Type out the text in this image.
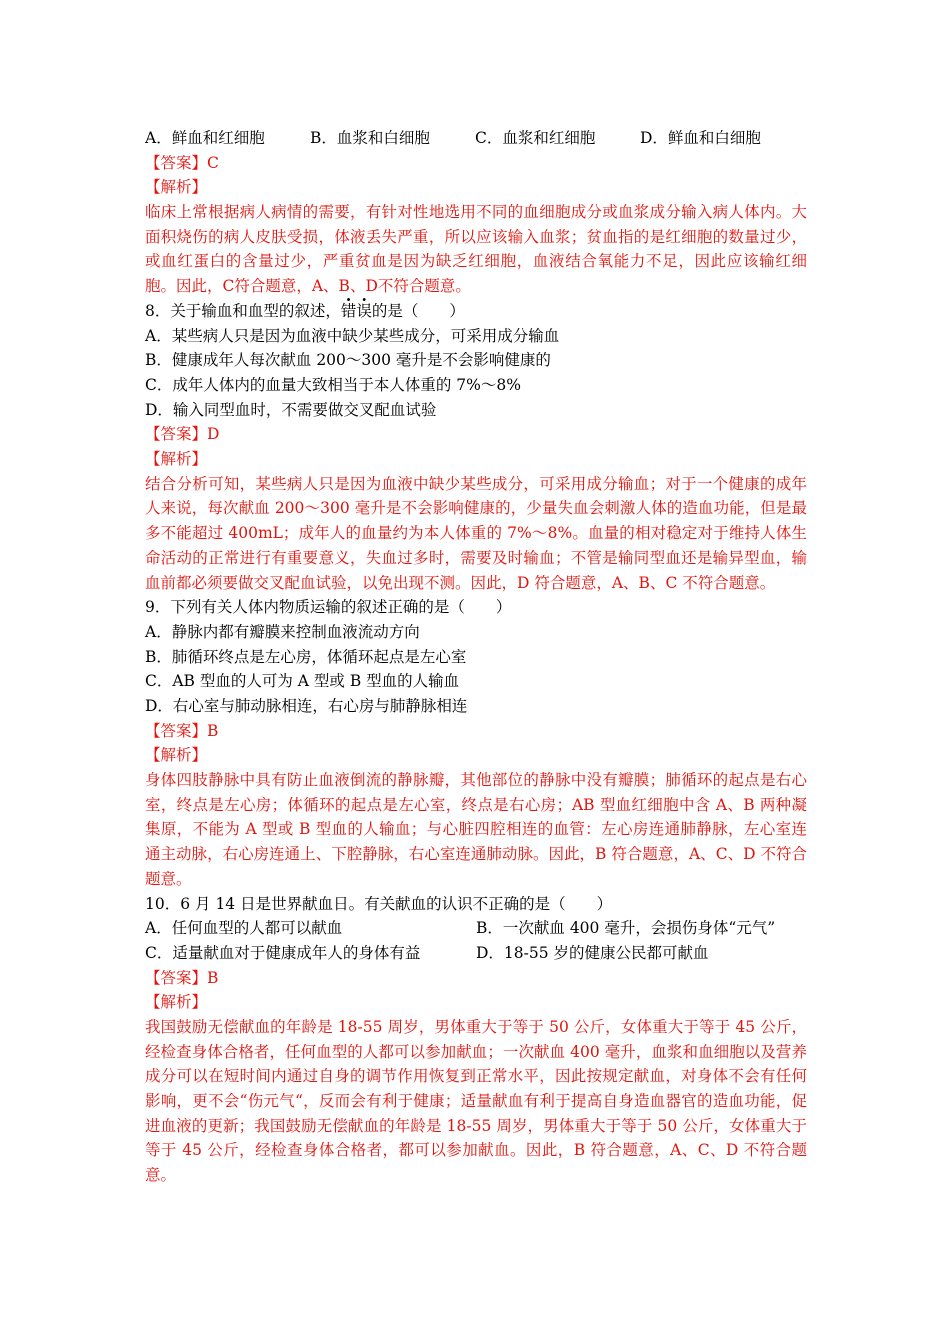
A．鲜血和红细胞	B．血浆和白细胞	C．血浆和红细胞	D．鲜血和白细胞
【答案】C
【解析】
临床上常根据病人病情的需要，有针对性地选用不同的血细胞成分或血浆成分输入病人体内。大面积烧伤的病人皮肤受损，体液丢失严重，所以应该输入血浆；贫血指的是红细胞的数量过少，或血红蛋白的含量过少，严重贫血是因为缺乏红细胞，血液结合氧能力不足，因此应该输红细胞。因此，C符合题意，A、B、D不符合题意。
8．关于输血和血型的叙述，错误的是（　　）
A．某些病人只是因为血液中缺少某些成分，可采用成分输血
B．健康成年人每次献血 200～300 毫升是不会影响健康的
C．成年人体内的血量大致相当于本人体重的 7%～8%
D．输入同型血时，不需要做交叉配血试验
【答案】D
【解析】
结合分析可知，某些病人只是因为血液中缺少某些成分，可采用成分输血；对于一个健康的成年人来说，每次献血 200～300 毫升是不会影响健康的，少量失血会刺激人体的造血功能，但是最多不能超过 400mL；成年人的血量约为本人体重的 7%～8%。血量的相对稳定对于维持人体生命活动的正常进行有重要意义，失血过多时，需要及时输血；不管是输同型血还是输异型血，输血前都必须要做交叉配血试验，以免出现不测。因此，D 符合题意，A、B、C 不符合题意。
9．下列有关人体内物质运输的叙述正确的是（　　）
A．静脉内都有瓣膜来控制血液流动方向
B．肺循环终点是左心房，体循环起点是左心室
C．AB 型血的人可为 A 型或 B 型血的人输血
D．右心室与肺动脉相连，右心房与肺静脉相连
【答案】B
【解析】
身体四肢静脉中具有防止血液倒流的静脉瓣，其他部位的静脉中没有瓣膜；肺循环的起点是右心室，终点是左心房；体循环的起点是左心室，终点是右心房；AB 型血红细胞中含 A、B 两种凝集原，不能为 A 型或 B 型血的人输血；与心脏四腔相连的血管：左心房连通肺静脉，左心室连通主动脉，右心房连通上、下腔静脉，右心室连通肺动脉。因此，B 符合题意，A、C、D 不符合题意。
10．6 月 14 日是世界献血日。有关献血的认识不正确的是（　　）
A．任何血型的人都可以献血	B．一次献血 400 毫升，会损伤身体“元气”
C．适量献血对于健康成年人的身体有益	D．18-55 岁的健康公民都可献血
【答案】B
【解析】
我国鼓励无偿献血的年龄是 18-55 周岁，男体重大于等于 50 公斤，女体重大于等于 45 公斤，经检查身体合格者，任何血型的人都可以参加献血；一次献血 400 毫升，血浆和血细胞以及营养成分可以在短时间内通过自身的调节作用恢复到正常水平，因此按规定献血，对身体不会有任何影响，更不会“伤元气“，反而会有利于健康；适量献血有利于提高自身造血器官的造血功能，促进血液的更新；我国鼓励无偿献血的年龄是 18-55 周岁，男体重大于等于 50 公斤，女体重大于等于 45 公斤，经检查身体合格者，都可以参加献血。因此，B 符合题意，A、C、D 不符合题意。
